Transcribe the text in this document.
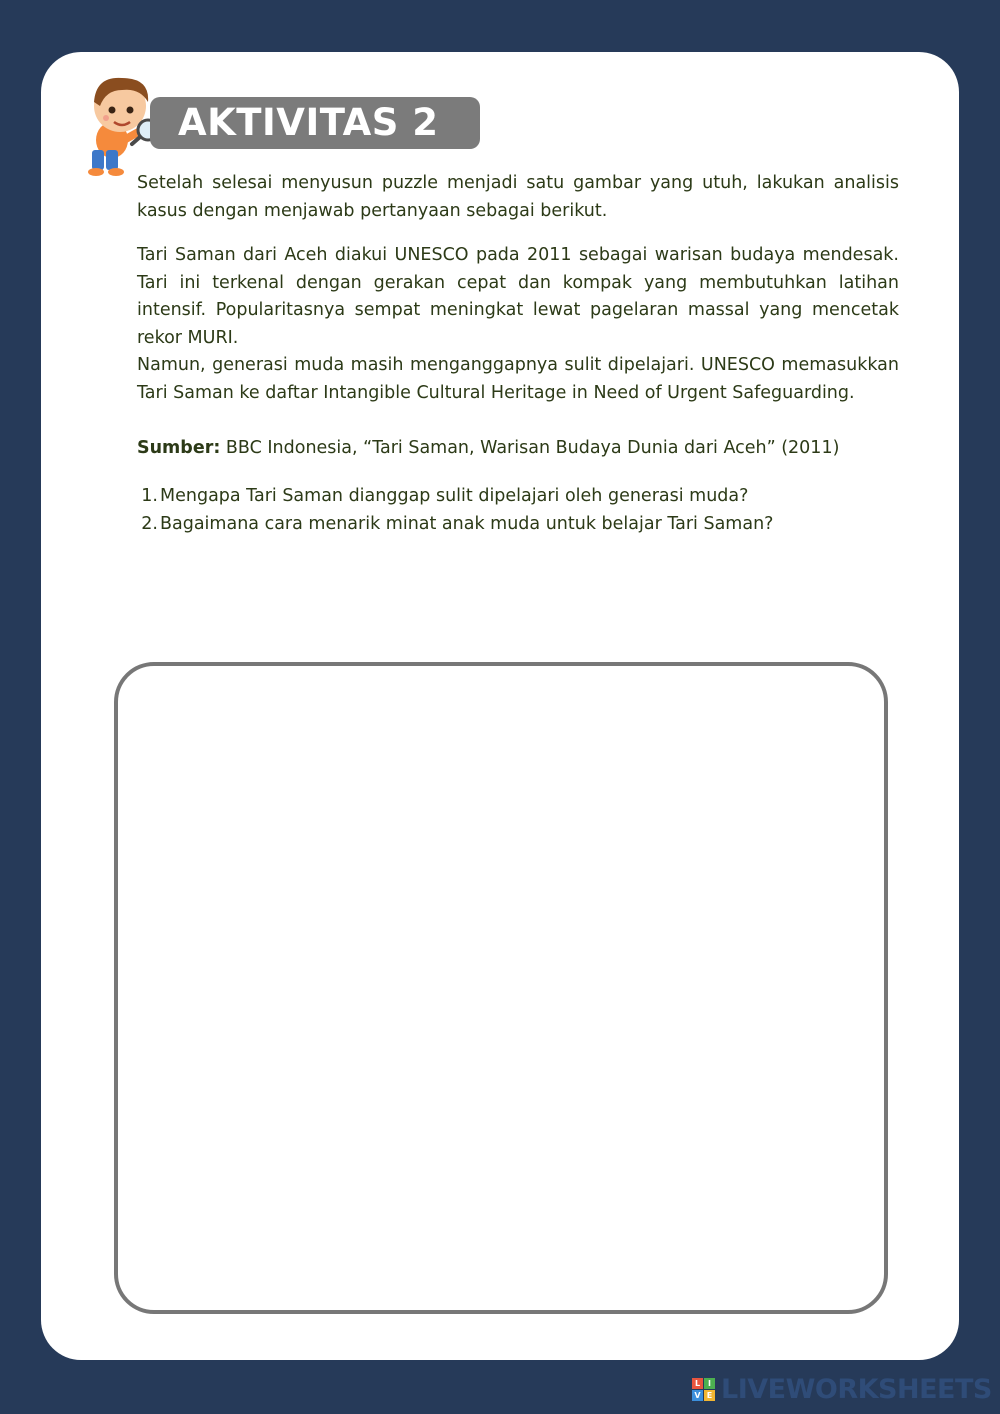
AKTIVITAS 2
Setelah selesai menyusun puzzle menjadi satu gambar yang utuh, lakukan analisis kasus dengan menjawab pertanyaan sebagai berikut.
Tari Saman dari Aceh diakui UNESCO pada 2011 sebagai warisan budaya mendesak. Tari ini terkenal dengan gerakan cepat dan kompak yang membutuhkan latihan intensif. Popularitasnya sempat meningkat lewat pagelaran massal yang mencetak rekor MURI.
Namun, generasi muda masih menganggapnya sulit dipelajari. UNESCO memasukkan Tari Saman ke daftar Intangible Cultural Heritage in Need of Urgent Safeguarding.
Sumber: BBC Indonesia, “Tari Saman, Warisan Budaya Dunia dari Aceh” (2011)
1. Mengapa Tari Saman dianggap sulit dipelajari oleh generasi muda?
2. Bagaimana cara menarik minat anak muda untuk belajar Tari Saman?
L I
V E LIVEWORKSHEETS
